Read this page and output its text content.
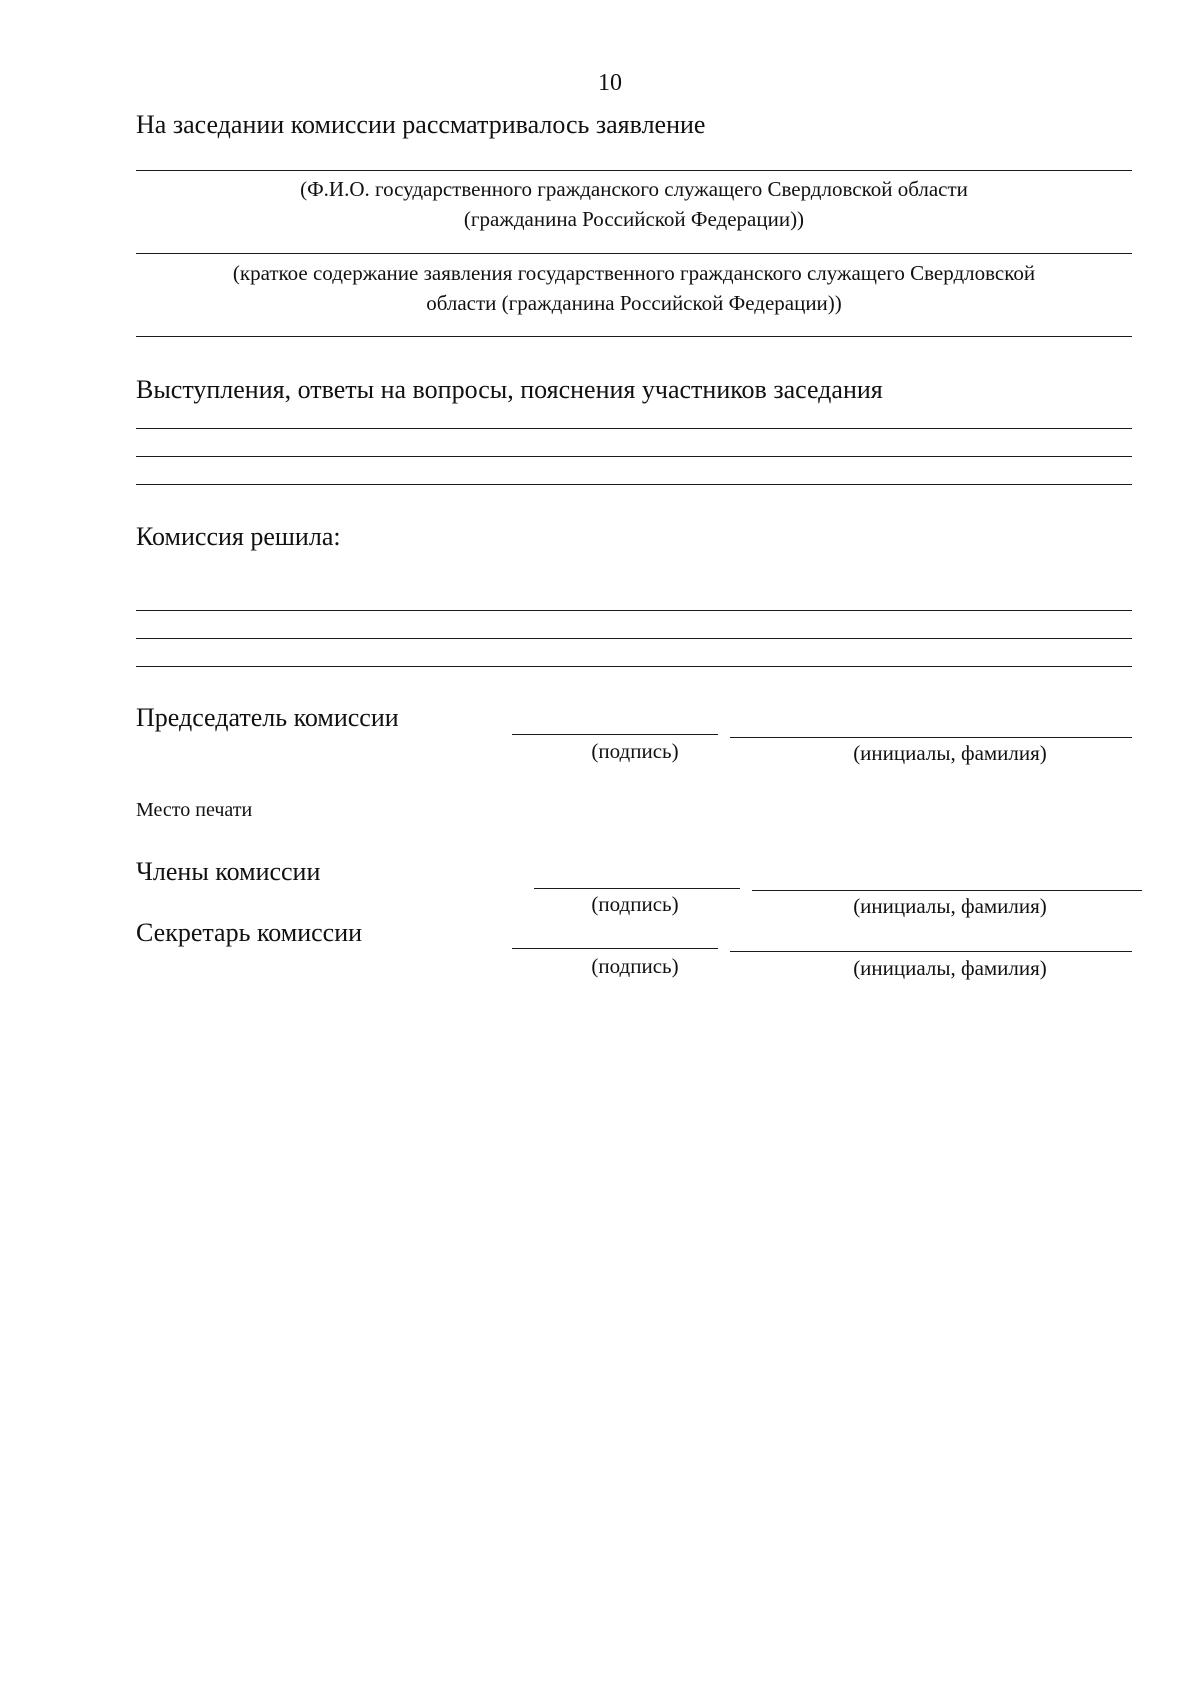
10
На заседании комиссии рассматривалось заявление
(Ф.И.О. государственного гражданского служащего Свердловской области
(гражданина Российской Федерации))
(краткое содержание заявления государственного гражданского служащего Свердловской
области (гражданина Российской Федерации))
Выступления, ответы на вопросы, пояснения участников заседания
Комиссия решила:
Председатель комиссии
(подпись)	(инициалы, фамилия)
Место печати
Члены комиссии
(подпись)	(инициалы, фамилия)
Секретарь комиссии
(подпись)	(инициалы, фамилия)
